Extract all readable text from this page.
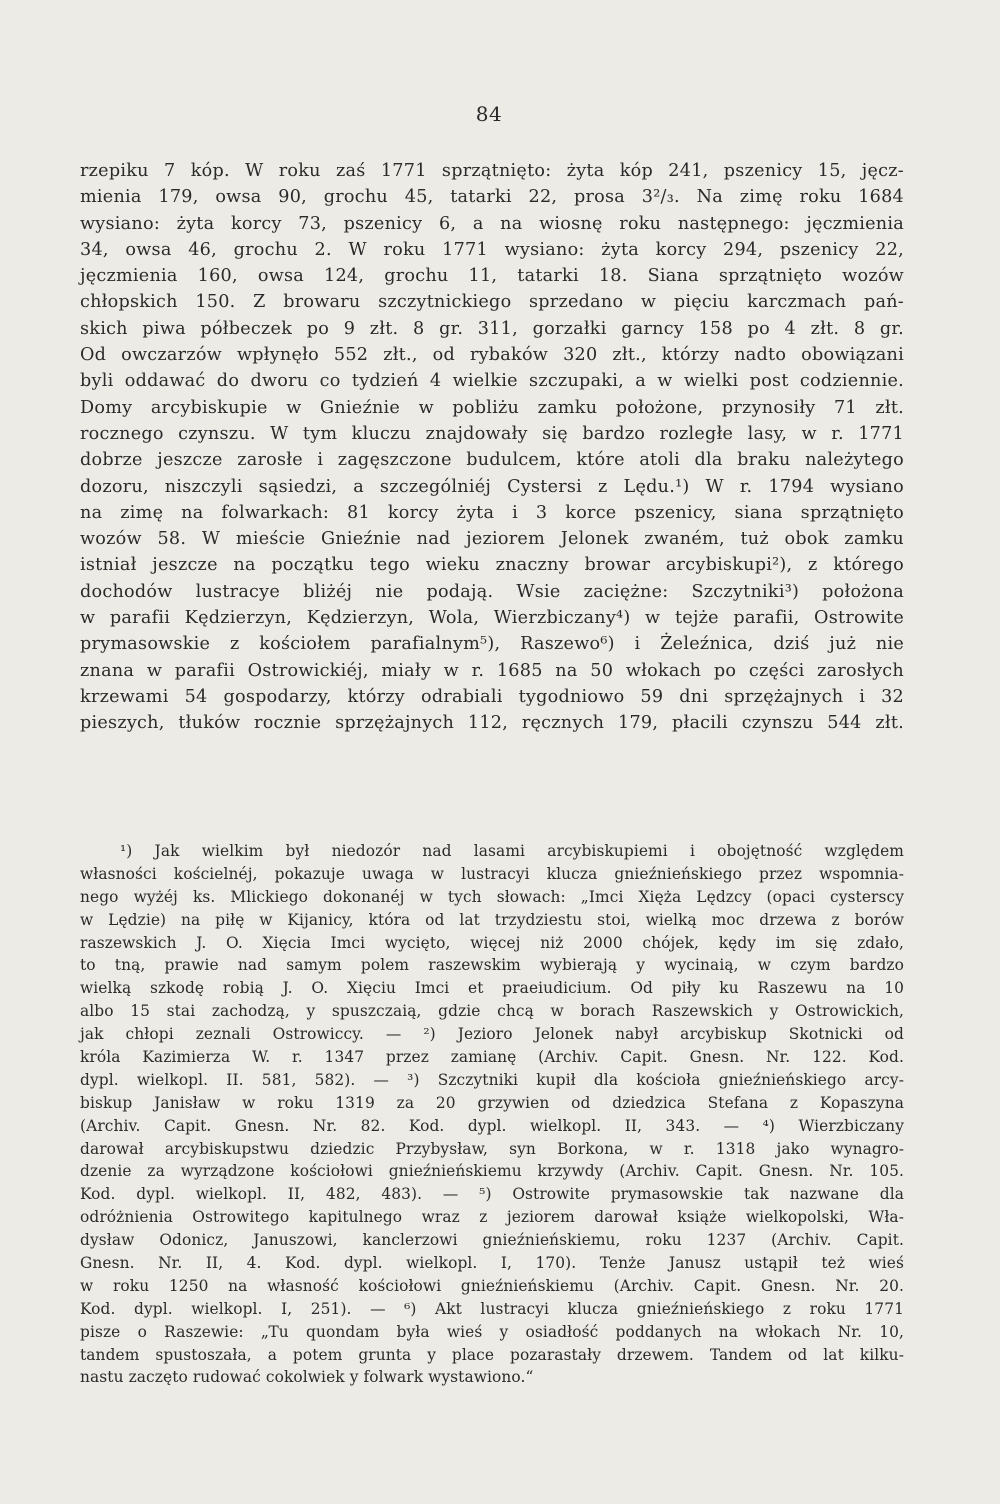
84
rzepiku 7 kóp. W roku zaś 1771 sprzątnięto: żyta kóp 241, pszenicy 15, jęcz-
mienia 179, owsa 90, grochu 45, tatarki 22, prosa 3²/₃. Na zimę roku 1684
wysiano: żyta korcy 73, pszenicy 6, a na wiosnę roku następnego: jęczmienia
34, owsa 46, grochu 2. W roku 1771 wysiano: żyta korcy 294, pszenicy 22,
jęczmienia 160, owsa 124, grochu 11, tatarki 18. Siana sprzątnięto wozów
chłopskich 150. Z browaru szczytnickiego sprzedano w pięciu karczmach pań-
skich piwa półbeczek po 9 złt. 8 gr. 311, gorzałki garncy 158 po 4 złt. 8 gr.
Od owczarzów wpłynęło 552 złt., od rybaków 320 złt., którzy nadto obowiązani
byli oddawać do dworu co tydzień 4 wielkie szczupaki, a w wielki post codziennie.
Domy arcybiskupie w Gnieźnie w pobliżu zamku położone, przynosiły 71 złt.
rocznego czynszu. W tym kluczu znajdowały się bardzo rozległe lasy, w r. 1771
dobrze jeszcze zarosłe i zagęszczone budulcem, które atoli dla braku należytego
dozoru, niszczyli sąsiedzi, a szczególniéj Cystersi z Lędu.¹) W r. 1794 wysiano
na zimę na folwarkach: 81 korcy żyta i 3 korce pszenicy, siana sprzątnięto
wozów 58. W mieście Gnieźnie nad jeziorem Jelonek zwaném, tuż obok zamku
istniał jeszcze na początku tego wieku znaczny browar arcybiskupi²), z którego
dochodów lustracye bliżéj nie podają. Wsie zaciężne: Szczytniki³) położona
w parafii Kędzierzyn, Kędzierzyn, Wola, Wierzbiczany⁴) w tejże parafii, Ostrowite
prymasowskie z kościołem parafialnym⁵), Raszewo⁶) i Żeleźnica, dziś już nie
znana w parafii Ostrowickiéj, miały w r. 1685 na 50 włokach po części zarosłych
krzewami 54 gospodarzy, którzy odrabiali tygodniowo 59 dni sprzężajnych i 32
pieszych, tłuków rocznie sprzężajnych 112, ręcznych 179, płacili czynszu 544 złt.
¹) Jak wielkim był niedozór nad lasami arcybiskupiemi i obojętność względem
własności kościelnéj, pokazuje uwaga w lustracyi klucza gnieźnieńskiego przez wspomnia-
nego wyżéj ks. Mlickiego dokonanéj w tych słowach: „Imci Xięża Lędzcy (opaci cysterscy
w Lędzie) na piłę w Kijanicy, która od lat trzydziestu stoi, wielką moc drzewa z borów
raszewskich J. O. Xięcia Imci wycięto, więcej niż 2000 chójek, kędy im się zdało,
to tną, prawie nad samym polem raszewskim wybierają y wycinaią, w czym bardzo
wielką szkodę robią J. O. Xięciu Imci et praeiudicium. Od piły ku Raszewu na 10
albo 15 stai zachodzą, y spuszczaią, gdzie chcą w borach Raszewskich y Ostrowickich,
jak chłopi zeznali Ostrowiccy. — ²) Jezioro Jelonek nabył arcybiskup Skotnicki od
króla Kazimierza W. r. 1347 przez zamianę (Archiv. Capit. Gnesn. Nr. 122. Kod.
dypl. wielkopl. II. 581, 582). — ³) Szczytniki kupił dla kościoła gnieźnieńskiego arcy-
biskup Janisław w roku 1319 za 20 grzywien od dziedzica Stefana z Kopaszyna
(Archiv. Capit. Gnesn. Nr. 82. Kod. dypl. wielkopl. II, 343. — ⁴) Wierzbiczany
darował arcybiskupstwu dziedzic Przybysław, syn Borkona, w r. 1318 jako wynagro-
dzenie za wyrządzone kościołowi gnieźnieńskiemu krzywdy (Archiv. Capit. Gnesn. Nr. 105.
Kod. dypl. wielkopl. II, 482, 483). — ⁵) Ostrowite prymasowskie tak nazwane dla
odróżnienia Ostrowitego kapitulnego wraz z jeziorem darował książe wielkopolski, Wła-
dysław Odonicz, Januszowi, kanclerzowi gnieźnieńskiemu, roku 1237 (Archiv. Capit.
Gnesn. Nr. II, 4. Kod. dypl. wielkopl. I, 170). Tenże Janusz ustąpił też wieś
w roku 1250 na własność kościołowi gnieźnieńskiemu (Archiv. Capit. Gnesn. Nr. 20.
Kod. dypl. wielkopl. I, 251). — ⁶) Akt lustracyi klucza gnieźnieńskiego z roku 1771
pisze o Raszewie: „Tu quondam była wieś y osiadłość poddanych na włokach Nr. 10,
tandem spustoszała, a potem grunta y place pozarastały drzewem. Tandem od lat kilku-
nastu zaczęto rudować cokolwiek y folwark wystawiono.“
